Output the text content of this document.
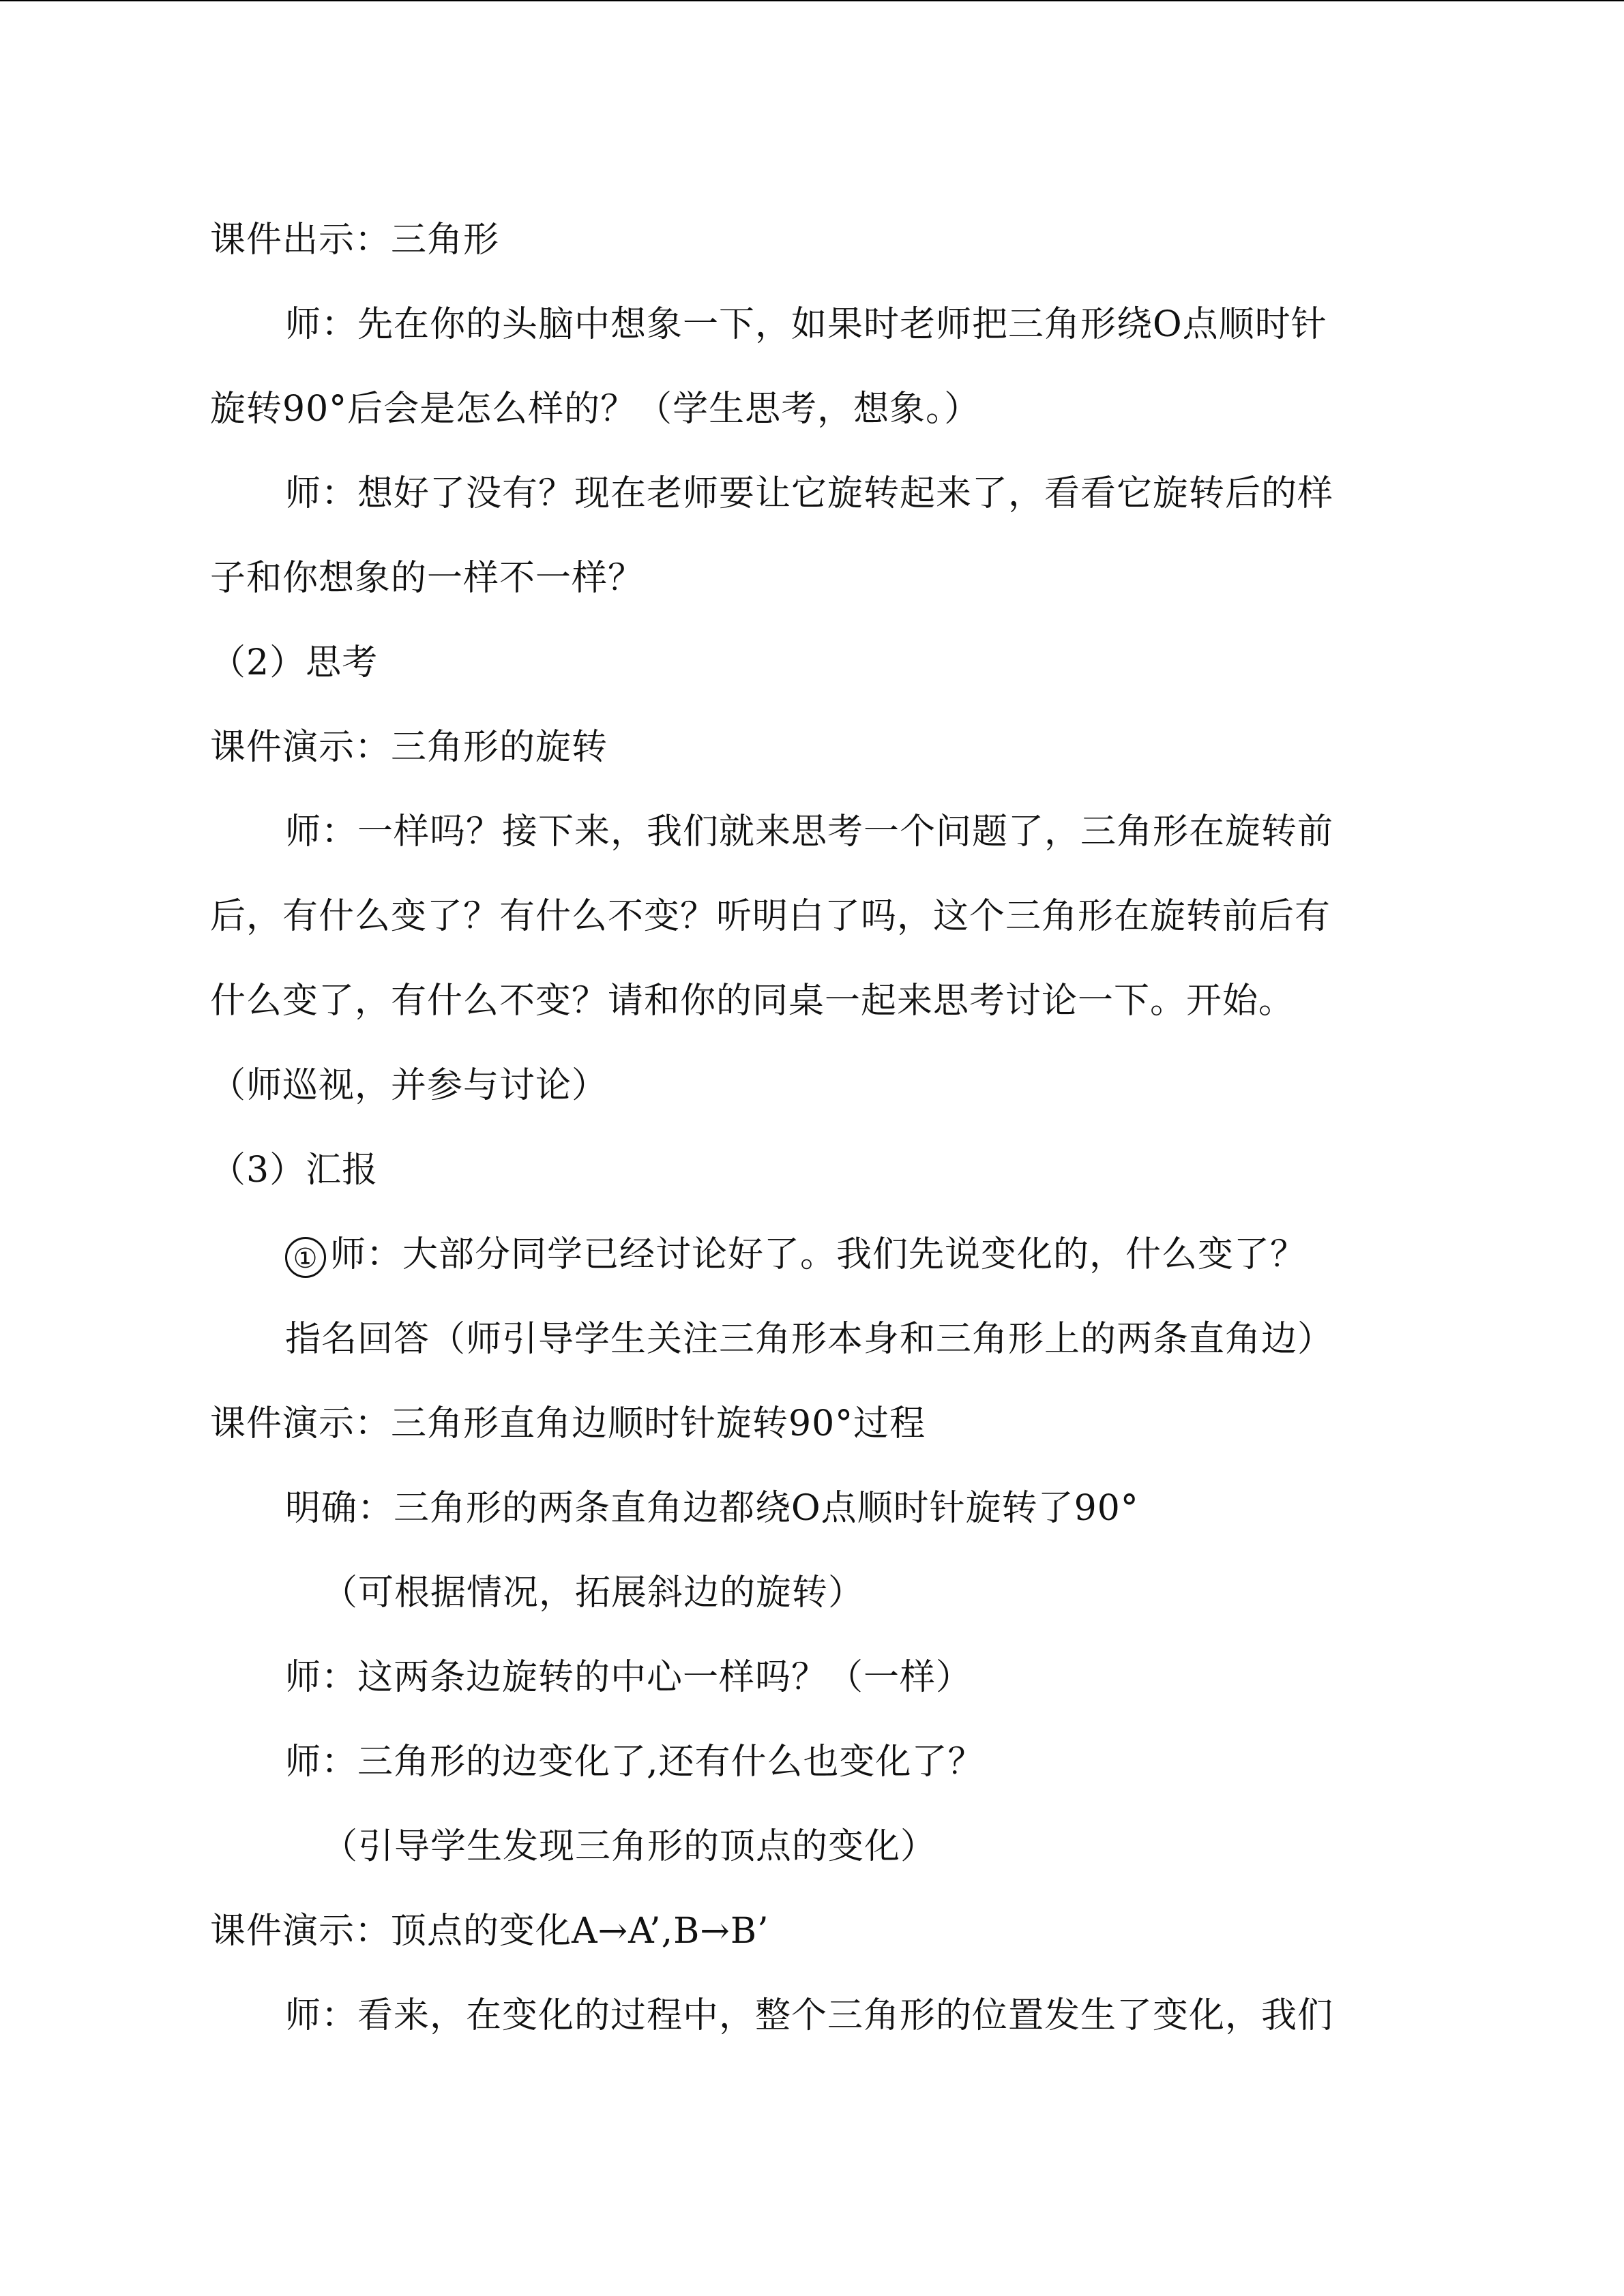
课件出示：三角形
师：先在你的头脑中想象一下，如果时老师把三角形绕O点顺时针
旋转90°后会是怎么样的？（学生思考，想象。）
师：想好了没有？现在老师要让它旋转起来了，看看它旋转后的样
子和你想象的一样不一样？
（2）思考
课件演示：三角形的旋转
师：一样吗？接下来，我们就来思考一个问题了，三角形在旋转前
后，有什么变了？有什么不变？听明白了吗，这个三角形在旋转前后有
什么变了，有什么不变？请和你的同桌一起来思考讨论一下。开始。
（师巡视，并参与讨论）
（3）汇报
① 师：大部分同学已经讨论好了。我们先说变化的，什么变了？
指名回答（师引导学生关注三角形本身和三角形上的两条直角边）
课件演示：三角形直角边顺时针旋转90°过程
明确：三角形的两条直角边都绕O点顺时针旋转了90°
（可根据情况，拓展斜边的旋转）
师：这两条边旋转的中心一样吗？（一样）
师：三角形的边变化了,还有什么也变化了？
（引导学生发现三角形的顶点的变化）
课件演示：顶点的变化A→A’,B→B’
师：看来，在变化的过程中，整个三角形的位置发生了变化，我们
